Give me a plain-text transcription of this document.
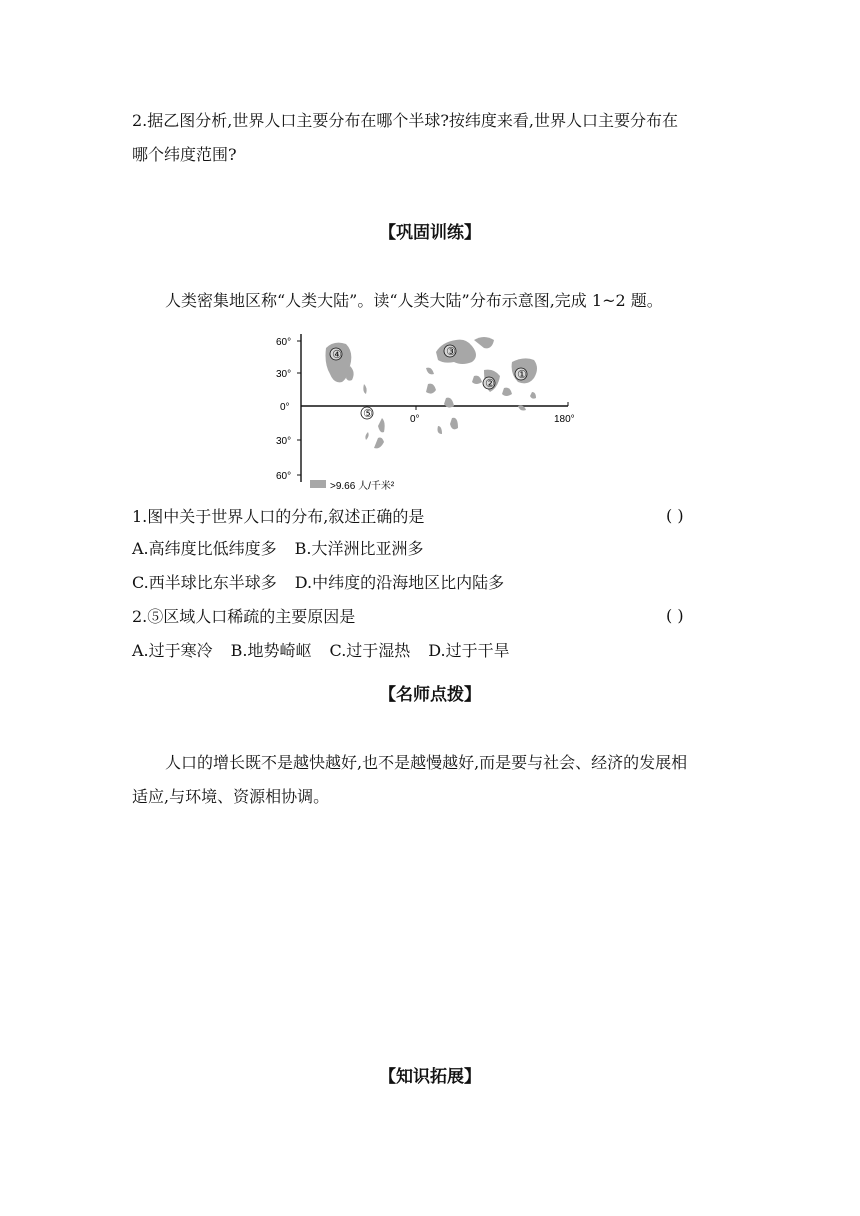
2.据乙图分析,世界人口主要分布在哪个半球?按纬度来看,世界人口主要分布在
哪个纬度范围?
【巩固训练】
人类密集地区称“人类大陆”。读“人类大陆”分布示意图,完成 1~2 题。
60°
30°
0°
30°
60°
0°	180°
④	③
②
①
⑤
>9.66 人/千米²
1.图中关于世界人口的分布,叙述正确的是	( )
A.高纬度比低纬度多 B.大洋洲比亚洲多
C.西半球比东半球多 D.中纬度的沿海地区比内陆多
2.⑤区域人口稀疏的主要原因是	( )
A.过于寒冷 B.地势崎岖 C.过于湿热 D.过于干旱
【名师点拨】
人口的增长既不是越快越好,也不是越慢越好,而是要与社会、经济的发展相
适应,与环境、资源相协调。
【知识拓展】
